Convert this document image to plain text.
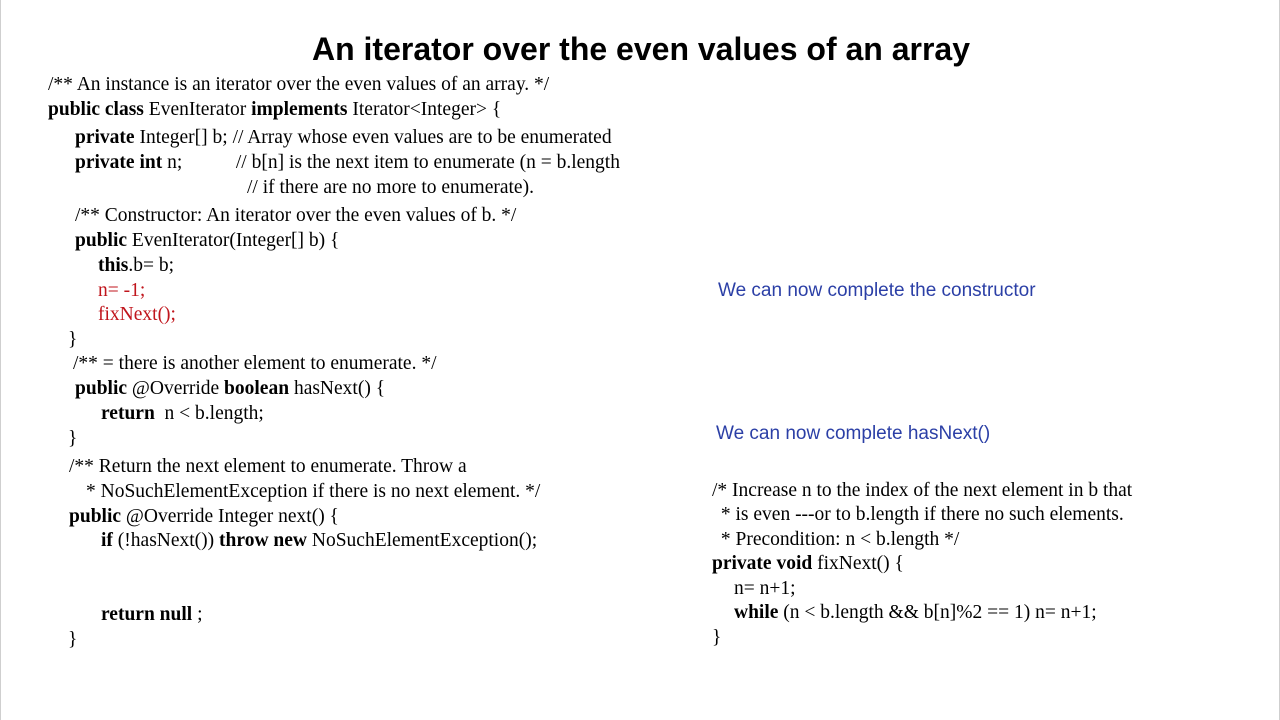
An iterator over the even values of an array
/** An instance is an iterator over the even values of an array. */
public class EvenIterator implements Iterator<Integer> {
private Integer[] b; // Array whose even values are to be enumerated
private int n;           // b[n] is the next item to enumerate (n = b.length
// if there are no more to enumerate).
/** Constructor: An iterator over the even values of b. */
public EvenIterator(Integer[] b) {
this.b= b;
n= -1;
fixNext();
}
/** = there is another element to enumerate. */
public @Override boolean hasNext() {
return  n < b.length;
}
/** Return the next element to enumerate. Throw a
* NoSuchElementException if there is no next element. */
public @Override Integer next() {
if (!hasNext()) throw new NoSuchElementException();
return null ;
}
/* Increase n to the index of the next element in b that
* is even ---or to b.length if there no such elements.
* Precondition: n < b.length */
private void fixNext() {
n= n+1;
while (n < b.length && b[n]%2 == 1) n= n+1;
}
We can now complete the constructor
We can now complete hasNext()
